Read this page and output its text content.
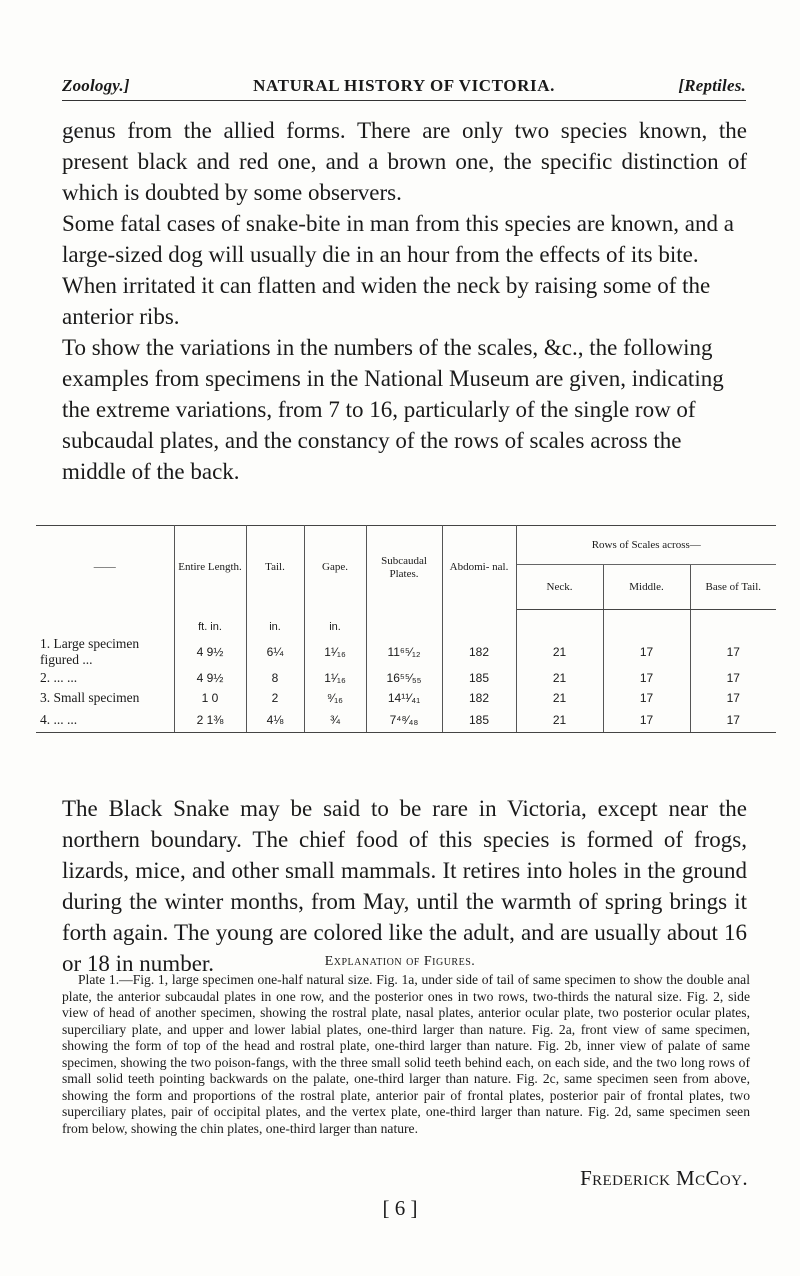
Zoology.]	NATURAL HISTORY OF VICTORIA.	[Reptiles.

genus from the allied forms. There are only two species known, the present black and red one, and a brown one, the specific distinction of which is doubted by some observers.

Some fatal cases of snake-bite in man from this species are known, and a large-sized dog will usually die in an hour from the effects of its bite.

When irritated it can flatten and widen the neck by raising some of the anterior ribs.

To show the variations in the numbers of the scales, &c., the following examples from specimens in the National Museum are given, indicating the extreme variations, from 7 to 16, particularly of the single row of subcaudal plates, and the constancy of the rows of scales across the middle of the back.

——	Entire Length.	Tail.	Gape.	Subcaudal Plates.	Abdomi- nal.	Rows of Scales across—		
						Neck.	Middle.	Base of Tail.
	ft. in.	in.	in.					
1. Large specimen figured ...	4 9½	6¼	1¹⁄₁₆	11⁶⁵⁄₁₂	182	21	17	17
2. ... ...	4 9½	8	1¹⁄₁₆	16⁵⁵⁄₅₅	185	21	17	17
3. Small specimen	1 0	2	⁹⁄₁₆	14¹¹⁄₄₁	182	21	17	17
4. ... ...	2 1⅜	4⅛	¾	7⁴⁸⁄₄₈	185	21	17	17

The Black Snake may be said to be rare in Victoria, except near the northern boundary. The chief food of this species is formed of frogs, lizards, mice, and other small mammals. It retires into holes in the ground during the winter months, from May, until the warmth of spring brings it forth again. The young are colored like the adult, and are usually about 16 or 18 in number.	Explanation of Figures.

Plate 1.—Fig. 1, large specimen one-half natural size. Fig. 1a, under side of tail of same specimen to show the double anal plate, the anterior subcaudal plates in one row, and the posterior ones in two rows, two-thirds the natural size. Fig. 2, side view of head of another specimen, showing the rostral plate, nasal plates, anterior ocular plate, two posterior ocular plates, superciliary plate, and upper and lower labial plates, one-third larger than nature. Fig. 2a, front view of same specimen, showing the form of top of the head and rostral plate, one-third larger than nature. Fig. 2b, inner view of palate of same specimen, showing the two poison-fangs, with the three small solid teeth behind each, on each side, and the two long rows of small solid teeth pointing backwards on the palate, one-third larger than nature. Fig. 2c, same specimen seen from above, showing the form and proportions of the rostral plate, anterior pair of frontal plates, posterior pair of frontal plates, two superciliary plates, pair of occipital plates, and the vertex plate, one-third larger than nature. Fig. 2d, same specimen seen from below, showing the chin plates, one-third larger than nature.

Frederick McCoy.
[ 6 ]
